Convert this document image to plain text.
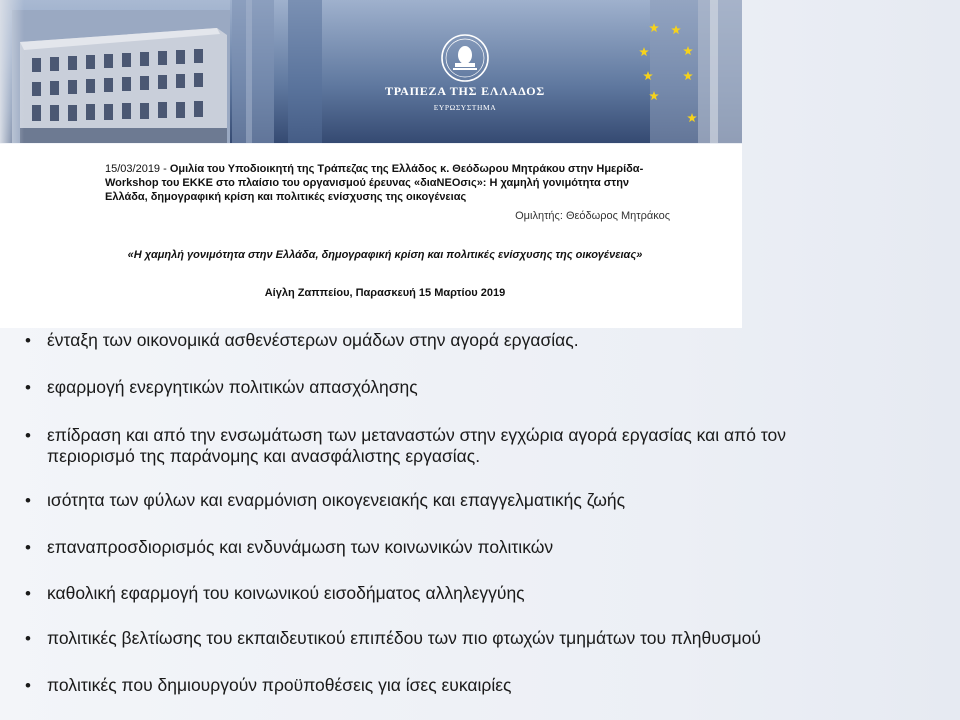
ΤΡΑΠΕΖΑ ΤΗΣ ΕΛΛΑΔΟΣ
ΕΥΡΩΣΥΣΤΗΜΑ
15/03/2019 - Ομιλία του Υποδιοικητή της Τράπεζας της Ελλάδος κ. Θεόδωρου Μητράκου στην Ημερίδα-Workshop του ΕΚΚΕ στο πλαίσιο του οργανισμού έρευνας «διαΝΕΟσις»: Η χαμηλή γονιμότητα στην Ελλάδα, δημογραφική κρίση και πολιτικές ενίσχυσης της οικογένειας
Ομιλητής: Θεόδωρος Μητράκος
«Η χαμηλή γονιμότητα στην Ελλάδα, δημογραφική κρίση και πολιτικές ενίσχυσης της οικογένειας»
Αίγλη Ζαππείου, Παρασκευή 15 Μαρτίου 2019
• ένταξη των οικονομικά ασθενέστερων ομάδων στην αγορά εργασίας.
• εφαρμογή ενεργητικών πολιτικών απασχόλησης
• επίδραση και από την ενσωμάτωση των μεταναστών στην εγχώρια αγορά εργασίας και από τον περιορισμό της παράνομης και ανασφάλιστης εργασίας.
• ισότητα των φύλων και εναρμόνιση οικογενειακής και επαγγελματικής ζωής
• επαναπροσδιορισμός και ενδυνάμωση των κοινωνικών πολιτικών
• καθολική εφαρμογή του κοινωνικού εισοδήματος αλληλεγγύης
• πολιτικές βελτίωσης του εκπαιδευτικού επιπέδου των πιο φτωχών τμημάτων του πληθυσμού
• πολιτικές που δημιουργούν προϋποθέσεις για ίσες ευκαιρίες
